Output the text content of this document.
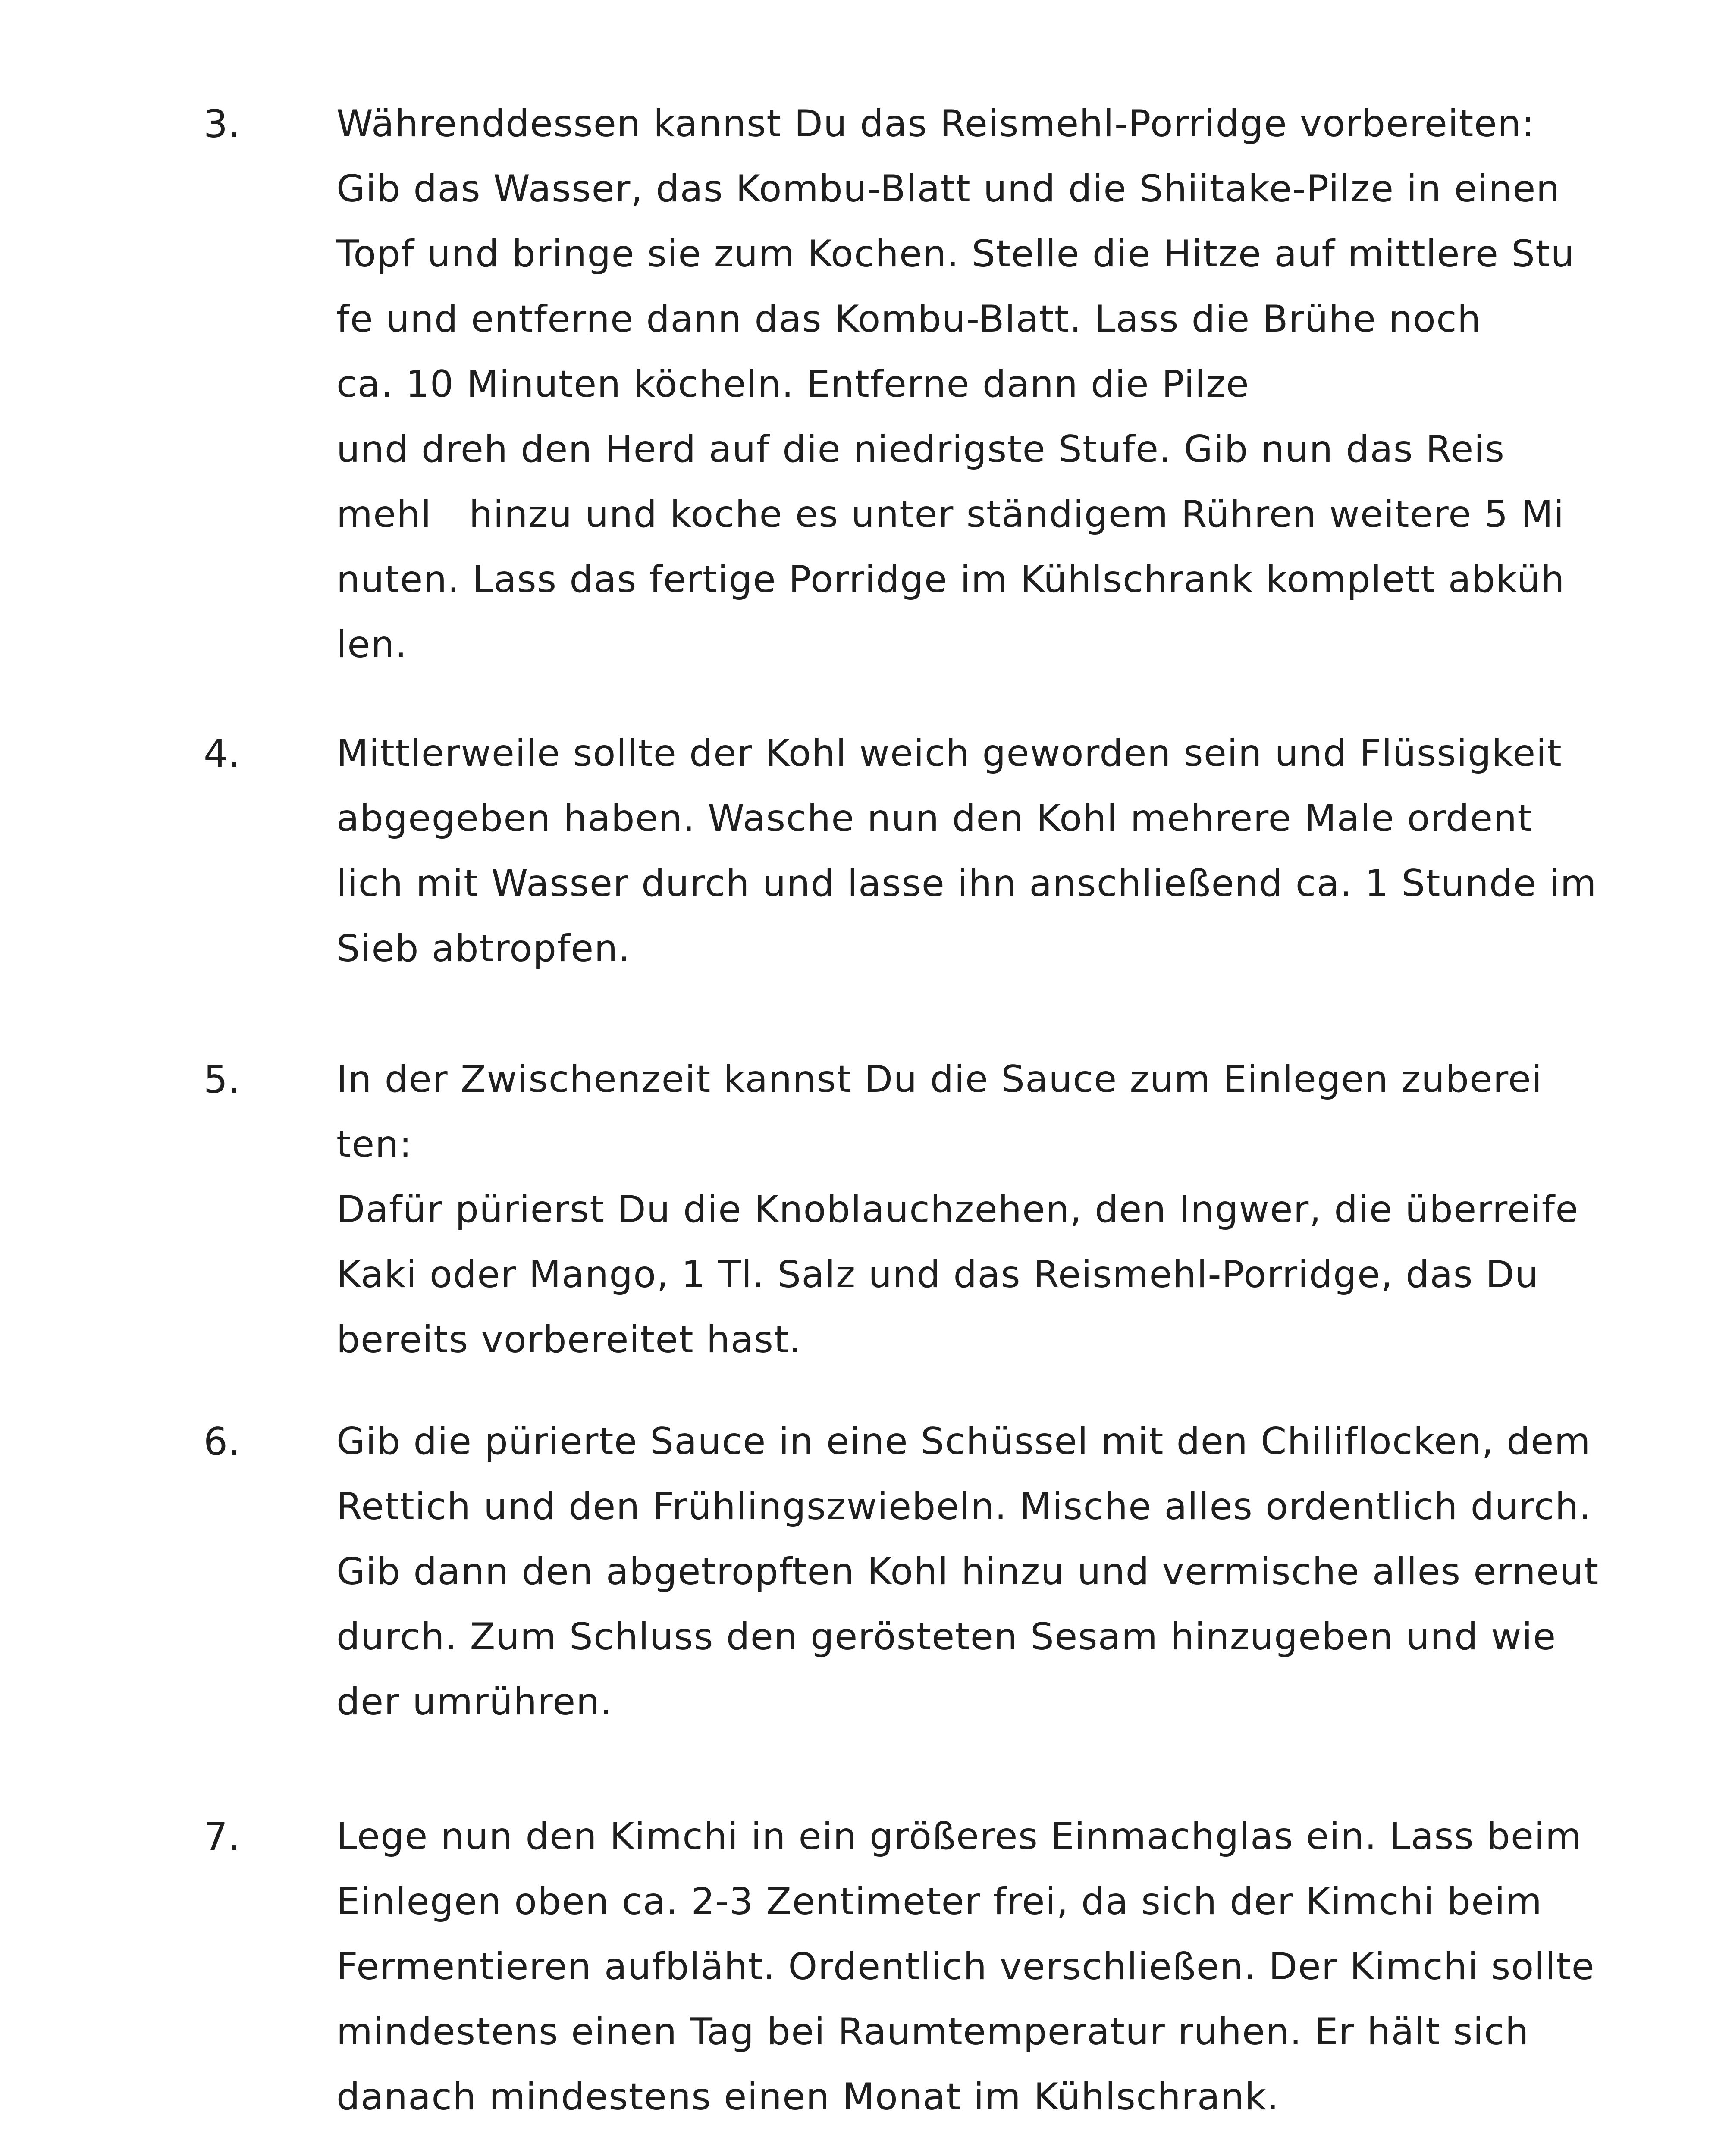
3.	Währenddessen kannst Du das Reismehl-Porridge vorbereiten:
Gib das Wasser, das Kombu-Blatt und die Shiitake-Pilze in einen
Topf und bringe sie zum Kochen. Stelle die Hitze auf mittlere Stu
fe und entferne dann das Kombu-Blatt. Lass die Brühe noch
ca. 10 Minuten köcheln. Entferne dann die Pilze
und dreh den Herd auf die niedrigste Stufe. Gib nun das Reis
mehl   hinzu und koche es unter ständigem Rühren weitere 5 Mi
nuten. Lass das fertige Porridge im Kühlschrank komplett abküh
len.
4.	Mittlerweile sollte der Kohl weich geworden sein und Flüssigkeit
abgegeben haben. Wasche nun den Kohl mehrere Male ordent
lich mit Wasser durch und lasse ihn anschließend ca. 1 Stunde im
Sieb abtropfen.
5.	In der Zwischenzeit kannst Du die Sauce zum Einlegen zuberei
ten:
Dafür pürierst Du die Knoblauchzehen, den Ingwer, die überreife
Kaki oder Mango, 1 Tl. Salz und das Reismehl-Porridge, das Du
bereits vorbereitet hast.
6.	Gib die pürierte Sauce in eine Schüssel mit den Chiliflocken, dem
Rettich und den Frühlingszwiebeln. Mische alles ordentlich durch.
Gib dann den abgetropften Kohl hinzu und vermische alles erneut
durch. Zum Schluss den gerösteten Sesam hinzugeben und wie
der umrühren.
7.	Lege nun den Kimchi in ein größeres Einmachglas ein. Lass beim
Einlegen oben ca. 2-3 Zentimeter frei, da sich der Kimchi beim
Fermentieren aufbläht. Ordentlich verschließen. Der Kimchi sollte
mindestens einen Tag bei Raumtemperatur ruhen. Er hält sich
danach mindestens einen Monat im Kühlschrank.
